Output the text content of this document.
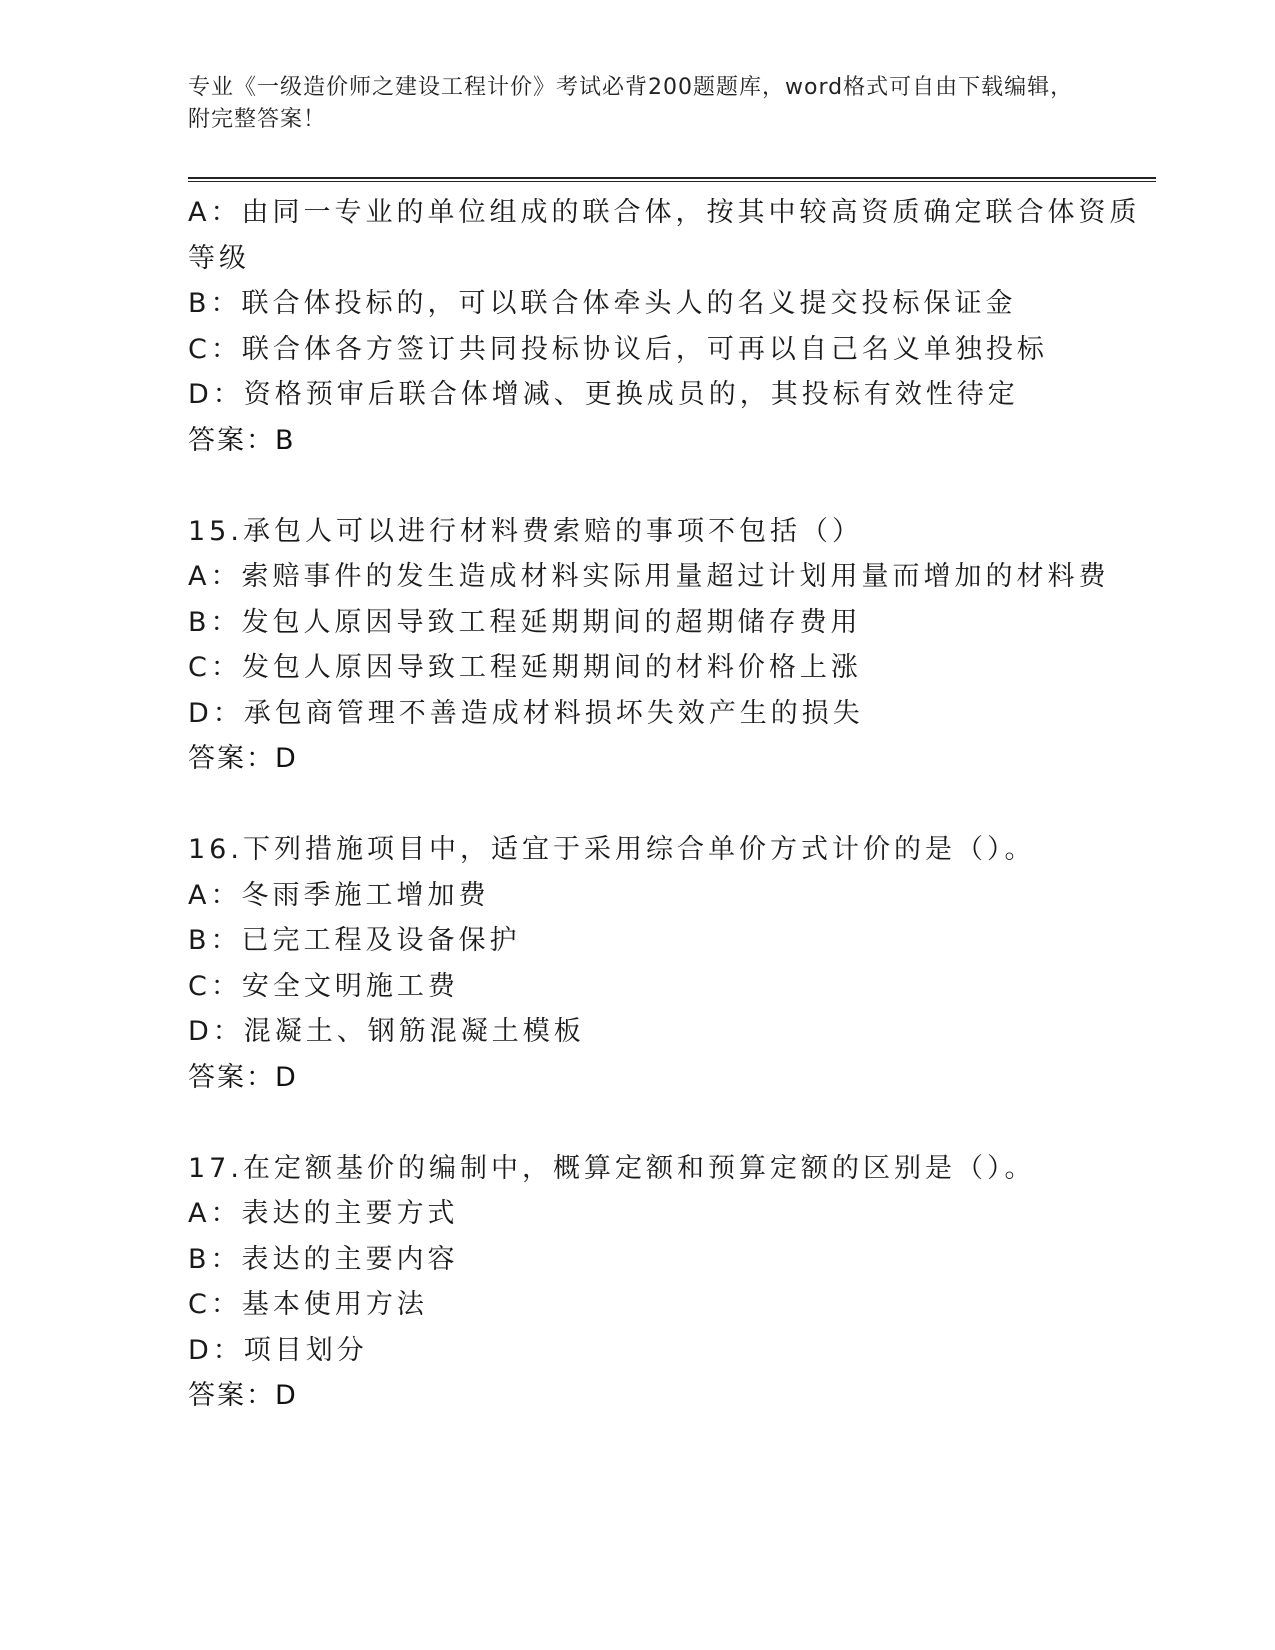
专业《一级造价师之建设工程计价》考试必背200题题库，word格式可自由下载编辑，附完整答案！
A：由同一专业的单位组成的联合体，按其中较高资质确定联合体资质
等级
B：联合体投标的，可以联合体牵头人的名义提交投标保证金
C：联合体各方签订共同投标协议后，可再以自己名义单独投标
D：资格预审后联合体增减、更换成员的，其投标有效性待定
答案：B
15.承包人可以进行材料费索赔的事项不包括（）
A：索赔事件的发生造成材料实际用量超过计划用量而增加的材料费
B：发包人原因导致工程延期期间的超期储存费用
C：发包人原因导致工程延期期间的材料价格上涨
D：承包商管理不善造成材料损坏失效产生的损失
答案：D
16.下列措施项目中，适宜于采用综合单价方式计价的是（）。
A：冬雨季施工增加费
B：已完工程及设备保护
C：安全文明施工费
D：混凝土、钢筋混凝土模板
答案：D
17.在定额基价的编制中，概算定额和预算定额的区别是（）。
A：表达的主要方式
B：表达的主要内容
C：基本使用方法
D：项目划分
答案：D
